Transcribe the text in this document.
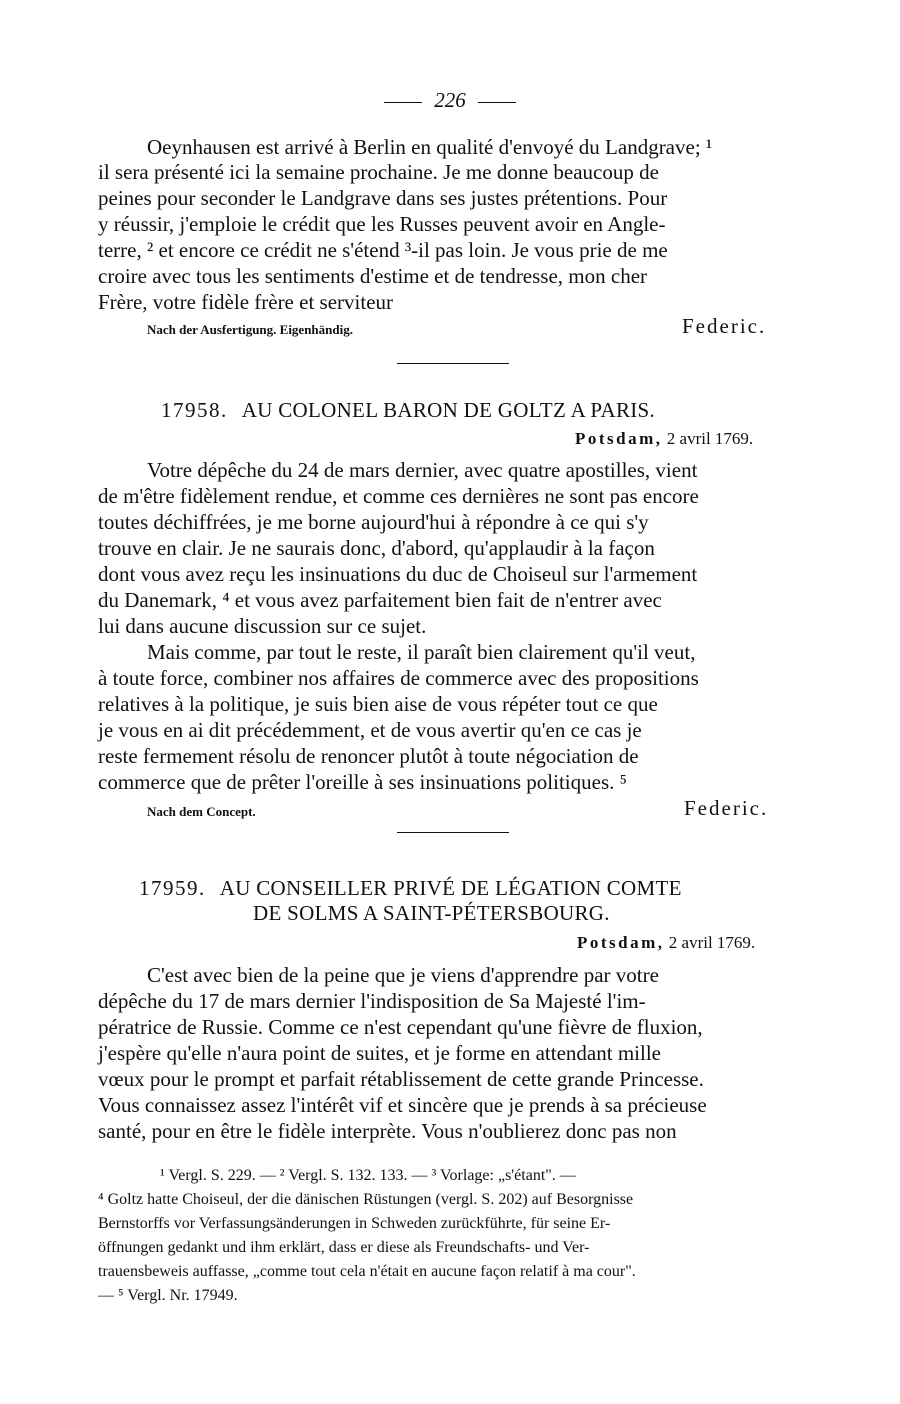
226
Oeynhausen est arrivé à Berlin en qualité d'envoyé du Landgrave; ¹
il sera présenté ici la semaine prochaine. Je me donne beaucoup de
peines pour seconder le Landgrave dans ses justes prétentions. Pour
y réussir, j'emploie le crédit que les Russes peuvent avoir en Angle-
terre, ² et encore ce crédit ne s'étend ³-il pas loin. Je vous prie de me
croire avec tous les sentiments d'estime et de tendresse, mon cher
Frère, votre fidèle frère et serviteur
Nach der Ausfertigung. Eigenhändig.	Federic.
17958. AU COLONEL BARON DE GOLTZ A PARIS.
Potsdam, 2 avril 1769.
Votre dépêche du 24 de mars dernier, avec quatre apostilles, vient
de m'être fidèlement rendue, et comme ces dernières ne sont pas encore
toutes déchiffrées, je me borne aujourd'hui à répondre à ce qui s'y
trouve en clair. Je ne saurais donc, d'abord, qu'applaudir à la façon
dont vous avez reçu les insinuations du duc de Choiseul sur l'armement
du Danemark, ⁴ et vous avez parfaitement bien fait de n'entrer avec
lui dans aucune discussion sur ce sujet.
Mais comme, par tout le reste, il paraît bien clairement qu'il veut,
à toute force, combiner nos affaires de commerce avec des propositions
relatives à la politique, je suis bien aise de vous répéter tout ce que
je vous en ai dit précédemment, et de vous avertir qu'en ce cas je
reste fermement résolu de renoncer plutôt à toute négociation de
commerce que de prêter l'oreille à ses insinuations politiques. ⁵
Nach dem Concept.	Federic.
17959. AU CONSEILLER PRIVÉ DE LÉGATION COMTE
DE SOLMS A SAINT-PÉTERSBOURG.
Potsdam, 2 avril 1769.
C'est avec bien de la peine que je viens d'apprendre par votre
dépêche du 17 de mars dernier l'indisposition de Sa Majesté l'im-
pératrice de Russie. Comme ce n'est cependant qu'une fièvre de fluxion,
j'espère qu'elle n'aura point de suites, et je forme en attendant mille
vœux pour le prompt et parfait rétablissement de cette grande Princesse.
Vous connaissez assez l'intérêt vif et sincère que je prends à sa précieuse
santé, pour en être le fidèle interprète. Vous n'oublierez donc pas non
¹ Vergl. S. 229. — ² Vergl. S. 132. 133. — ³ Vorlage: „s'étant". —
⁴ Goltz hatte Choiseul, der die dänischen Rüstungen (vergl. S. 202) auf Besorgnisse
Bernstorffs vor Verfassungsänderungen in Schweden zurückführte, für seine Er-
öffnungen gedankt und ihm erklärt, dass er diese als Freundschafts- und Ver-
trauensbeweis auffasse, „comme tout cela n'était en aucune façon relatif à ma cour".
— ⁵ Vergl. Nr. 17949.
